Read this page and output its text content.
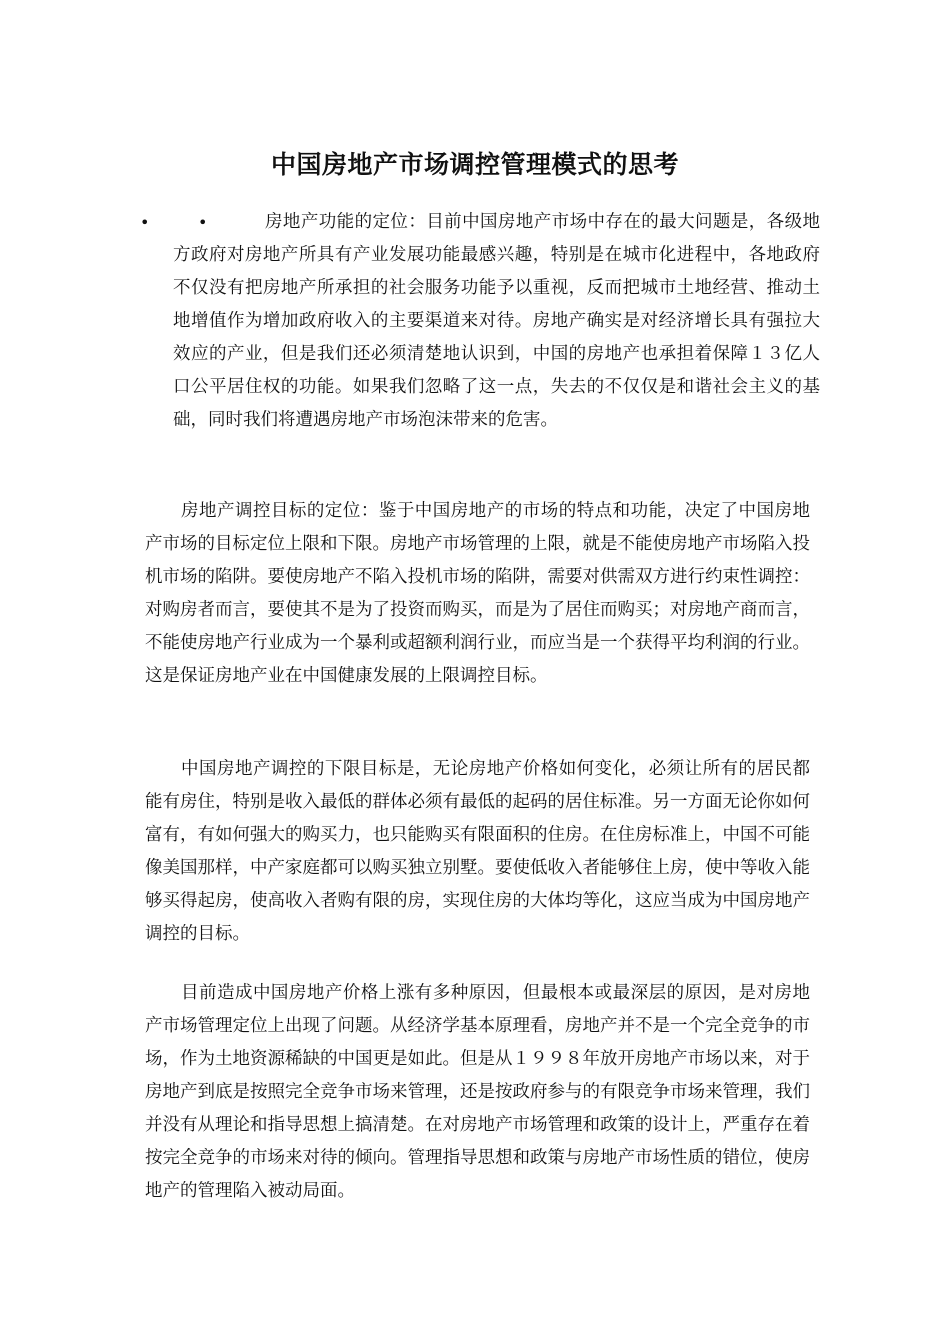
中国房地产市场调控管理模式的思考
•	•	房地产功能的定位：目前中国房地产市场中存在的最大问题是，各级地方政府对房地产所具有产业发展功能最感兴趣，特别是在城市化进程中，各地政府不仅没有把房地产所承担的社会服务功能予以重视，反而把城市土地经营、推动土地增值作为增加政府收入的主要渠道来对待。房地产确实是对经济增长具有强拉大效应的产业，但是我们还必须清楚地认识到，中国的房地产也承担着保障１３亿人口公平居住权的功能。如果我们忽略了这一点，失去的不仅仅是和谐社会主义的基础，同时我们将遭遇房地产市场泡沫带来的危害。

房地产调控目标的定位：鉴于中国房地产的市场的特点和功能，决定了中国房地产市场的目标定位上限和下限。房地产市场管理的上限，就是不能使房地产市场陷入投机市场的陷阱。要使房地产不陷入投机市场的陷阱，需要对供需双方进行约束性调控：对购房者而言，要使其不是为了投资而购买，而是为了居住而购买；对房地产商而言，不能使房地产行业成为一个暴利或超额利润行业，而应当是一个获得平均利润的行业。这是保证房地产业在中国健康发展的上限调控目标。

中国房地产调控的下限目标是，无论房地产价格如何变化，必须让所有的居民都能有房住，特别是收入最低的群体必须有最低的起码的居住标准。另一方面无论你如何富有，有如何强大的购买力，也只能购买有限面积的住房。在住房标准上，中国不可能像美国那样，中产家庭都可以购买独立别墅。要使低收入者能够住上房，使中等收入能够买得起房，使高收入者购有限的房，实现住房的大体均等化，这应当成为中国房地产调控的目标。

目前造成中国房地产价格上涨有多种原因，但最根本或最深层的原因，是对房地产市场管理定位上出现了问题。从经济学基本原理看，房地产并不是一个完全竞争的市场，作为土地资源稀缺的中国更是如此。但是从１９９８年放开房地产市场以来，对于房地产到底是按照完全竞争市场来管理，还是按政府参与的有限竞争市场来管理，我们并没有从理论和指导思想上搞清楚。在对房地产市场管理和政策的设计上，严重存在着按完全竞争的市场来对待的倾向。管理指导思想和政策与房地产市场性质的错位，使房地产的管理陷入被动局面。
